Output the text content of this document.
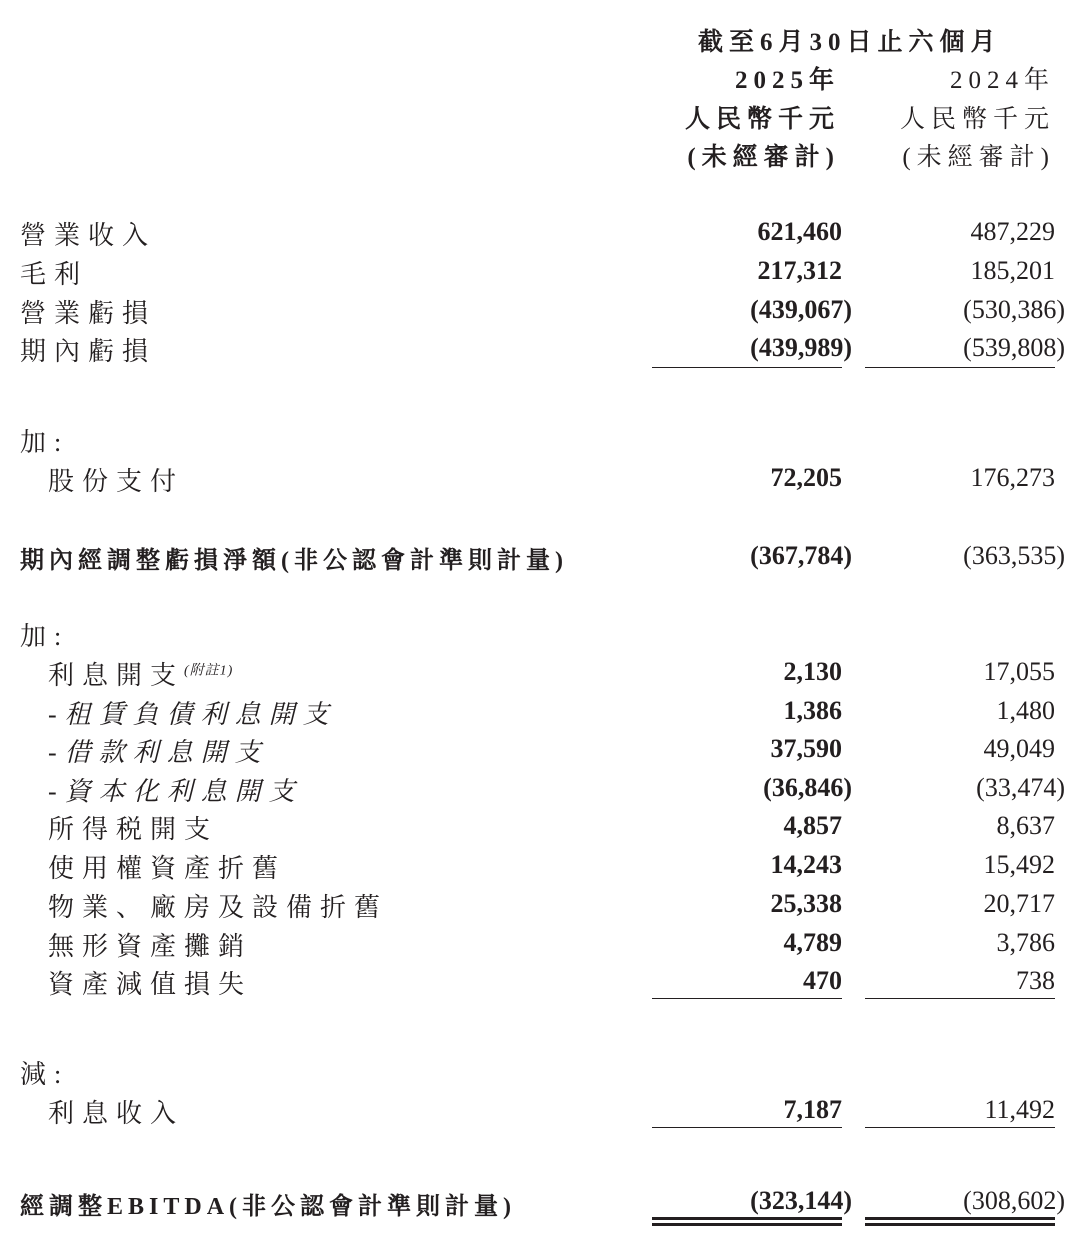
截至6月30日止六個月
2025年	2024年
人民幣千元	人民幣千元
(未經審計)	(未經審計)
營業收入	621,460	487,229
毛利	217,312	185,201
營業虧損	(439,067)	(530,386)
期內虧損	(439,989)	(539,808)
加:
股份支付	72,205	176,273
期內經調整虧損淨額(非公認會計準則計量)	(367,784)	(363,535)
加:
利息開支$^{(附註1)}$	2,130	17,055
-租賃負債利息開支	1,386	1,480
-借款利息開支	37,590	49,049
-資本化利息開支	(36,846)	(33,474)
所得税開支	4,857	8,637
使用權資產折舊	14,243	15,492
物業、廠房及設備折舊	25,338	20,717
無形資產攤銷	4,789	3,786
資產減值損失	470	738
減:
利息收入	7,187	11,492
經調整EBITDA(非公認會計準則計量)	(323,144)	(308,602)
